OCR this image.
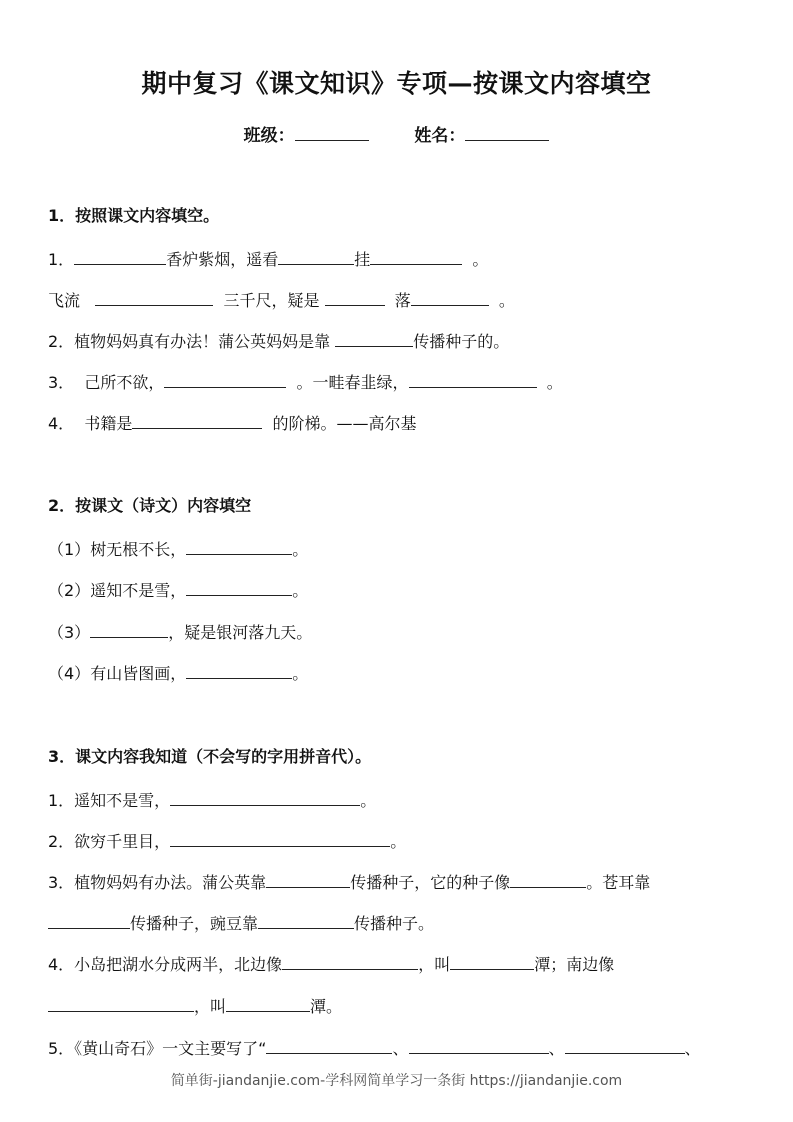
期中复习《课文知识》专项—按课文内容填空
班级：	姓名：
1．按照课文内容填空。
1．	香炉紫烟，遥看	挂	。
飞流	三千尺，疑是	落	。
2．植物妈妈真有办法！蒲公英妈妈是靠	传播种子的。
3． 己所不欲，	。一畦春韭绿，	。
4． 书籍是	的阶梯。——高尔基
2．按课文（诗文）内容填空
（1）树无根不长，	。
（2）遥知不是雪，	。
（3）	，疑是银河落九天。
（4）有山皆图画，	。
3．课文内容我知道（不会写的字用拼音代）。
1．遥知不是雪，	。
2．欲穷千里目，	。
3．植物妈妈有办法。蒲公英靠	传播种子，它的种子像	。苍耳靠
传播种子，豌豆靠	传播种子。
4．小岛把湖水分成两半，北边像	，叫	潭；南边像
，叫	潭。
5．《黄山奇石》一文主要写了“	、	、	、
简单街-jiandanjie.com-学科网简单学习一条街 https://jiandanjie.com
